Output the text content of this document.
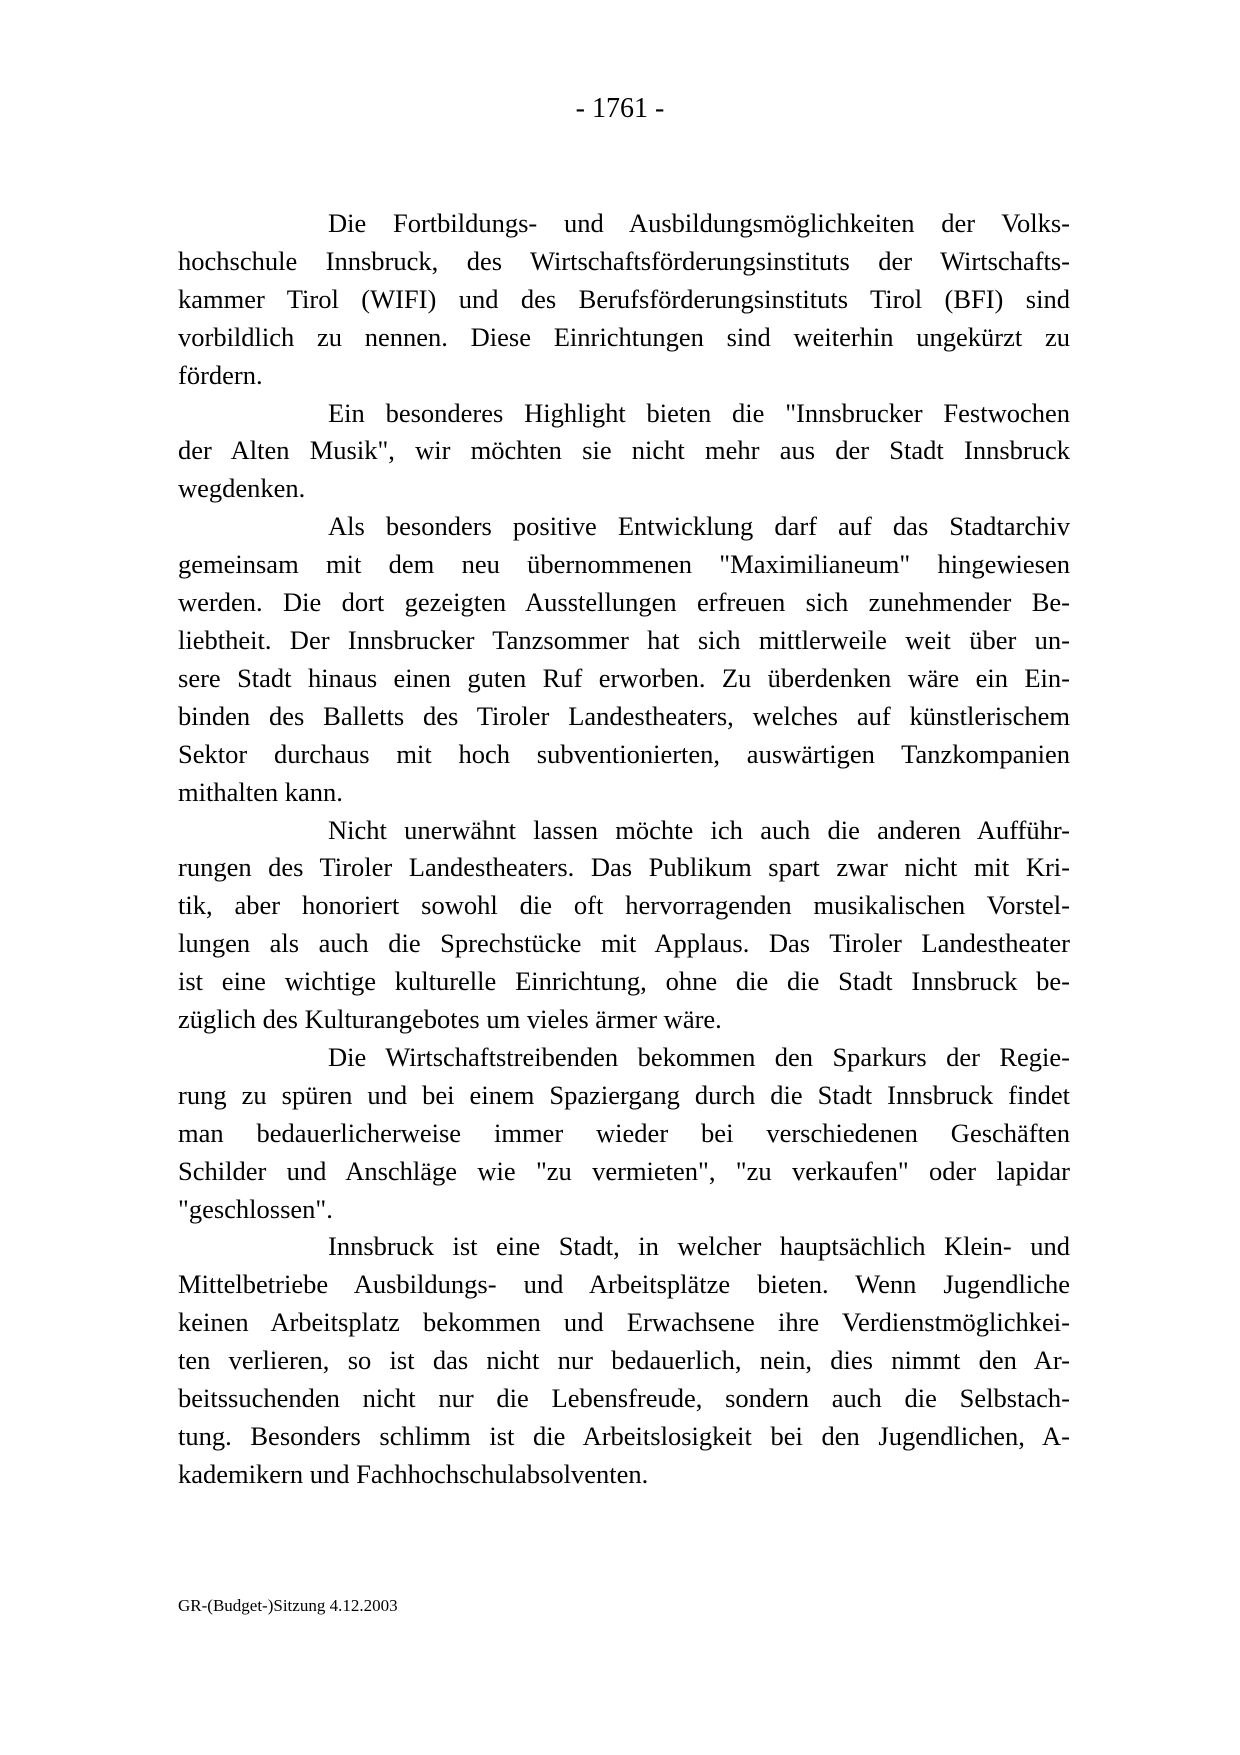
- 1761 -

Die Fortbildungs- und Ausbildungsmöglichkeiten der Volks-
hochschule Innsbruck, des Wirtschaftsförderungsinstituts der Wirtschafts-
kammer Tirol (WIFI) und des Berufsförderungsinstituts Tirol (BFI) sind
vorbildlich zu nennen. Diese Einrichtungen sind weiterhin ungekürzt zu
fördern.

Ein besonderes Highlight bieten die "Innsbrucker Festwochen
der Alten Musik", wir möchten sie nicht mehr aus der Stadt Innsbruck
wegdenken.

Als besonders positive Entwicklung darf auf das Stadtarchiv
gemeinsam mit dem neu übernommenen "Maximilianeum" hingewiesen
werden. Die dort gezeigten Ausstellungen erfreuen sich zunehmender Be-
liebtheit. Der Innsbrucker Tanzsommer hat sich mittlerweile weit über un-
sere Stadt hinaus einen guten Ruf erworben. Zu überdenken wäre ein Ein-
binden des Balletts des Tiroler Landestheaters, welches auf künstlerischem
Sektor durchaus mit hoch subventionierten, auswärtigen Tanzkompanien
mithalten kann.

Nicht unerwähnt lassen möchte ich auch die anderen Aufführ-
rungen des Tiroler Landestheaters. Das Publikum spart zwar nicht mit Kri-
tik, aber honoriert sowohl die oft hervorragenden musikalischen Vorstel-
lungen als auch die Sprechstücke mit Applaus. Das Tiroler Landestheater
ist eine wichtige kulturelle Einrichtung, ohne die die Stadt Innsbruck be-
züglich des Kulturangebotes um vieles ärmer wäre.

Die Wirtschaftstreibenden bekommen den Sparkurs der Regie-
rung zu spüren und bei einem Spaziergang durch die Stadt Innsbruck findet
man bedauerlicherweise immer wieder bei verschiedenen Geschäften
Schilder und Anschläge wie "zu vermieten", "zu verkaufen" oder lapidar
"geschlossen".

Innsbruck ist eine Stadt, in welcher hauptsächlich Klein- und
Mittelbetriebe Ausbildungs- und Arbeitsplätze bieten. Wenn Jugendliche
keinen Arbeitsplatz bekommen und Erwachsene ihre Verdienstmöglichkei-
ten verlieren, so ist das nicht nur bedauerlich, nein, dies nimmt den Ar-
beitssuchenden nicht nur die Lebensfreude, sondern auch die Selbstach-
tung. Besonders schlimm ist die Arbeitslosigkeit bei den Jugendlichen, A-
kademikern und Fachhochschulabsolventen.

GR-(Budget-)Sitzung 4.12.2003
